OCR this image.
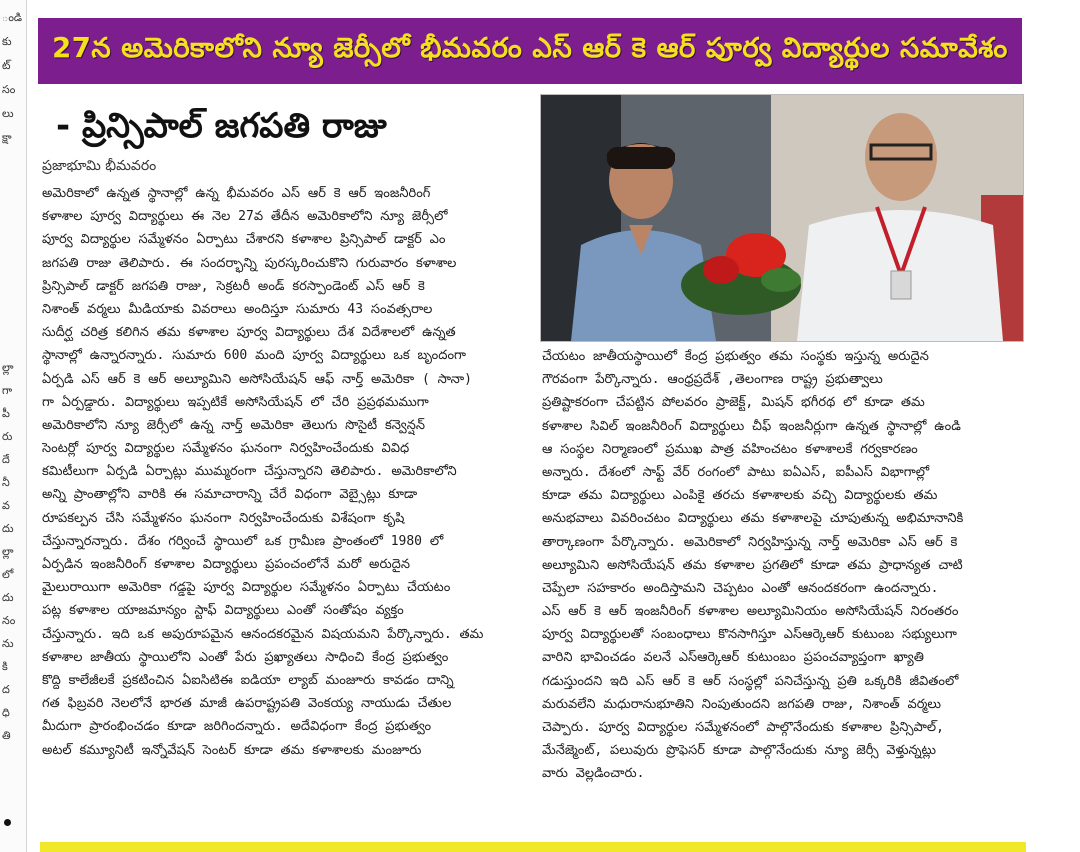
ండి
కు
ట్
సం
లు
క్షా
ల్లా
గా
పీ
రు
దే
నీ
వ
దు
ల్లా
లో
దు
నం
ను
కి
ద
ధి
తి
27న అమెరికాలోని న్యూ జెర్సీలో భీమవరం ఎస్ ఆర్ కె ఆర్ పూర్వ విద్యార్థుల సమావేశం
- ప్రిన్సిపాల్ జగపతి రాజు
ప్రజాభూమి భీమవరం
అమెరికాలో ఉన్నత స్థానాల్లో ఉన్న భీమవరం ఎస్ ఆర్ కె ఆర్ ఇంజనీరింగ్
కళాశాల పూర్వ విద్యార్థులు ఈ నెల 27వ తేదీన అమెరికాలోని న్యూ జెర్సీలో
పూర్వ విద్యార్థుల సమ్మేళనం ఏర్పాటు చేశారని కళాశాల ప్రిన్సిపాల్ డాక్టర్ ఎం
జగపతి రాజు తెలిపారు. ఈ సందర్భాన్ని పురస్కరించుకొని గురువారం కళాశాల
ప్రిన్సిపాల్ డాక్టర్ జగపతి రాజు, సెక్రటరీ అండ్ కరస్పాండెంట్ ఎస్ ఆర్ కె
నిశాంత్ వర్మలు మీడియాకు వివరాలు అందిస్తూ సుమారు 43 సంవత్సరాల
సుదీర్ఘ చరిత్ర కలిగిన తమ కళాశాల పూర్వ విద్యార్థులు దేశ విదేశాలలో ఉన్నత
స్థానాల్లో ఉన్నారన్నారు. సుమారు 600 మంది పూర్వ విద్యార్థులు ఒక బృందంగా
ఏర్పడి ఎస్ ఆర్ కె ఆర్ అల్యూమిని అసోసియేషన్ ఆఫ్ నార్త్ అమెరికా ( సానా)
గా ఏర్పడ్డారు. విద్యార్థులు ఇప్పటికే అసోసియేషన్ లో చేరి ప్రప్రథమముగా
అమెరికాలోని న్యూ జెర్సీలో ఉన్న నార్త్ అమెరికా తెలుగు సొసైటీ కన్వెన్షన్
సెంటర్లో పూర్వ విద్యార్థుల సమ్మేళనం ఘనంగా నిర్వహించేందుకు వివిధ
కమిటీలుగా ఏర్పడి ఏర్పాట్లు ముమ్మరంగా చేస్తున్నారని తెలిపారు. అమెరికాలోని
అన్ని ప్రాంతాల్లోని వారికి ఈ సమాచారాన్ని చేరే విధంగా వెబ్సైట్లు కూడా
రూపకల్పన చేసి సమ్మేళనం ఘనంగా నిర్వహించేందుకు విశేషంగా కృషి
చేస్తున్నారన్నారు. దేశం గర్వించే స్థాయిలో ఒక గ్రామీణ ప్రాంతంలో 1980 లో
ఏర్పడిన ఇంజనీరింగ్ కళాశాల విద్యార్థులు ప్రపంచంలోనే మరో అరుదైన
మైలురాయిగా అమెరికా గడ్డపై పూర్వ విద్యార్థుల సమ్మేళనం ఏర్పాటు చేయటం
పట్ల కళాశాల యాజమాన్యం స్టాఫ్ విద్యార్థులు ఎంతో సంతోషం వ్యక్తం
చేస్తున్నారు. ఇది ఒక అపురూపమైన ఆనందకరమైన విషయమని పేర్కొన్నారు. తమ
కళాశాల జాతీయ స్థాయిలోని ఎంతో పేరు ప్రఖ్యాతలు సాధించి కేంద్ర ప్రభుత్వం
కొద్ది కాలేజీలకే ప్రకటించిన ఏఐసిటిఈ ఐడియా ల్యాబ్ మంజూరు కావడం దాన్ని
గత ఫిబ్రవరి నెలలోనే భారత మాజీ ఉపరాష్ట్రపతి వెంకయ్య నాయుడు చేతుల
మీదుగా ప్రారంభించడం కూడా జరిగిందన్నారు. అదేవిధంగా కేంద్ర ప్రభుత్వం
అటల్ కమ్యూనిటీ ఇన్నోవేషన్ సెంటర్ కూడా తమ కళాశాలకు మంజూరు
చేయటం జాతీయస్థాయిలో కేంద్ర ప్రభుత్వం తమ సంస్థకు ఇస్తున్న అరుదైన
గౌరవంగా పేర్కొన్నారు. ఆంధ్రప్రదేశ్ ,తెలంగాణ రాష్ట్ర ప్రభుత్వాలు
ప్రతిష్టాకరంగా చేపట్టిన పోలవరం ప్రాజెక్ట్, మిషన్ భగీరథ లో కూడా తమ
కళాశాల సివిల్ ఇంజనీరింగ్ విద్యార్థులు చీఫ్ ఇంజనీర్లుగా ఉన్నత స్థానాల్లో ఉండి
ఆ సంస్థల నిర్మాణంలో ప్రముఖ పాత్ర వహించటం కళాశాలకే గర్వకారణం
అన్నారు. దేశంలో సాఫ్ట్ వేర్ రంగంలో పాటు ఐఏఎస్, ఐపీఎస్ విభాగాల్లో
కూడా తమ విద్యార్థులు ఎంపికై తరచు కళాశాలకు వచ్చి విద్యార్థులకు తమ
అనుభవాలు వివరించటం విద్యార్థులు తమ కళాశాలపై చూపుతున్న అభిమానానికి
తార్కాణంగా పేర్కొన్నారు. అమెరికాలో నిర్వహిస్తున్న నార్త్ అమెరికా ఎస్ ఆర్ కె
అల్యూమిని అసోసియేషన్ తమ కళాశాల ప్రగతిలో కూడా తమ ప్రాధాన్యత చాటి
చెప్పేలా సహకారం అందిస్తామని చెప్పటం ఎంతో ఆనందకరంగా ఉందన్నారు.
ఎస్ ఆర్ కె ఆర్ ఇంజనీరింగ్ కళాశాల అల్యూమినియం అసోసియేషన్ నిరంతరం
పూర్వ విద్యార్థులతో సంబంధాలు కొనసాగిస్తూ ఎస్ఆర్కెఆర్ కుటుంబ సభ్యులుగా
వారిని భావించడం వలనే ఎస్ఆర్కెఆర్ కుటుంబం ప్రపంచవ్యాప్తంగా ఖ్యాతి
గడుస్తుందని ఇది ఎస్ ఆర్ కె ఆర్ సంస్థల్లో పనిచేస్తున్న ప్రతి ఒక్కరికి జీవితంలో
మరువలేని మధురానుభూతిని నింపుతుందని జగపతి రాజు, నిశాంత్ వర్మలు
చెప్పారు. పూర్వ విద్యార్థుల సమ్మేళనంలో పాల్గొనేందుకు కళాశాల ప్రిన్సిపాల్,
మేనేజ్మెంట్, పలువురు ప్రొఫెసర్ కూడా పాల్గొనేందుకు న్యూ జెర్సీ వెళ్తున్నట్లు
వారు వెల్లడించారు.
